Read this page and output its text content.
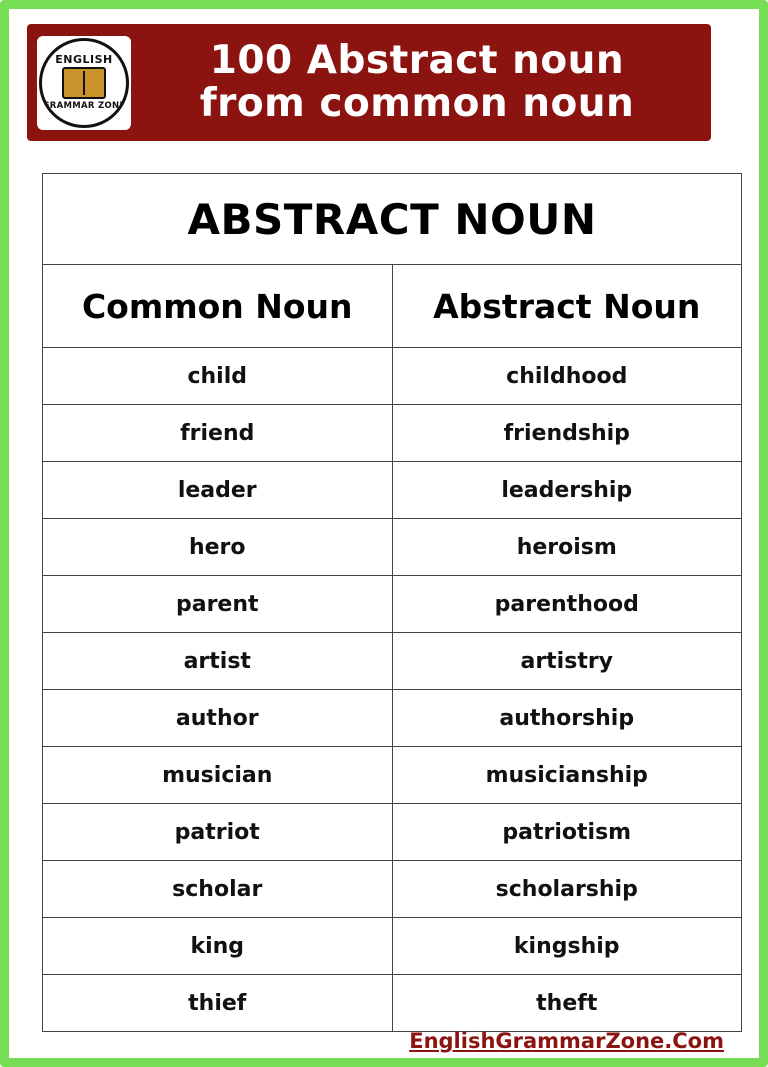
ENGLISH
GRAMMAR ZONE
100 Abstract noun
from common noun
ABSTRACT NOUN	
Common Noun	Abstract Noun
child	childhood
friend	friendship
leader	leadership
hero	heroism
parent	parenthood
artist	artistry
author	authorship
musician	musicianship
patriot	patriotism
scholar	scholarship
king	kingship
thief	theft
EnglishGrammarZone.Com
